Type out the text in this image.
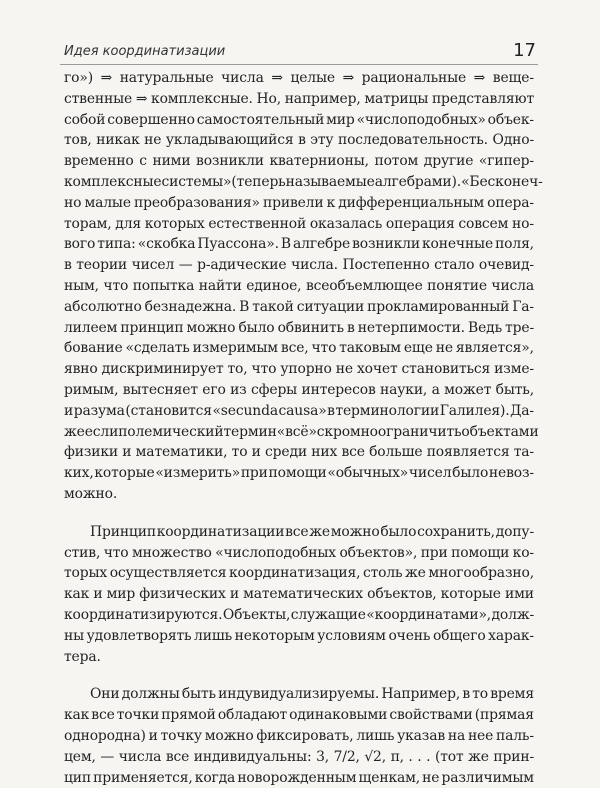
Идея координатизации	17
го») ⇒ натуральные числа ⇒ целые ⇒ рациональные ⇒ веще-
ственные ⇒ комплексные. Но, например, матрицы представляют
собой совершенно самостоятельный мир «числоподобных» объек-
тов, никак не укладывающийся в эту последовательность. Одно-
временно с ними возникли кватернионы, потом другие «гипер-
комплексные системы» (теперь называемые алгебрами). «Бесконеч-
но малые преобразования» привели к дифференциальным опера-
торам, для которых естественной оказалась операция совсем но-
вого типа: «скобка Пуассона». В алгебре возникли конечные поля,
в теории чисел — p-адические числа. Постепенно стало очевид-
ным, что попытка найти единое, всеобъемлющее понятие числа
абсолютно безнадежна. В такой ситуации прокламированный Га-
лилеем принцип можно было обвинить в нетерпимости. Ведь тре-
бование «сделать измеримым все, что таковым еще не является»,
явно дискриминирует то, что упорно не хочет становиться изме-
римым, вытесняет его из сферы интересов науки, а может быть,
и разума (становится «secunda causa» в терминологии Галилея). Да-
же если полемический термин «всё» скромно ограничить объектами
физики и математики, то и среди них все больше появляется та-
ких, которые «измерить» при помощи «обычных» чисел было невоз-
можно.
Принцип координатизации все же можно было сохранить, допу-
стив, что множество «числоподобных объектов», при помощи ко-
торых осуществляется координатизация, столь же многообразно,
как и мир физических и математических объектов, которые ими
координатизируются. Объекты, служащие «координатами», долж-
ны удовлетворять лишь некоторым условиям очень общего харак-
тера.
Они должны быть индувидуализируемы. Например, в то время
как все точки прямой обладают одинаковыми свойствами (прямая
однородна) и точку можно фиксировать, лишь указав на нее паль-
цем, — числа все индивидуальны: 3, 7/2, √2, π, . . . (тот же прин-
цип применяется, когда новорожденным щенкам, не различимым
